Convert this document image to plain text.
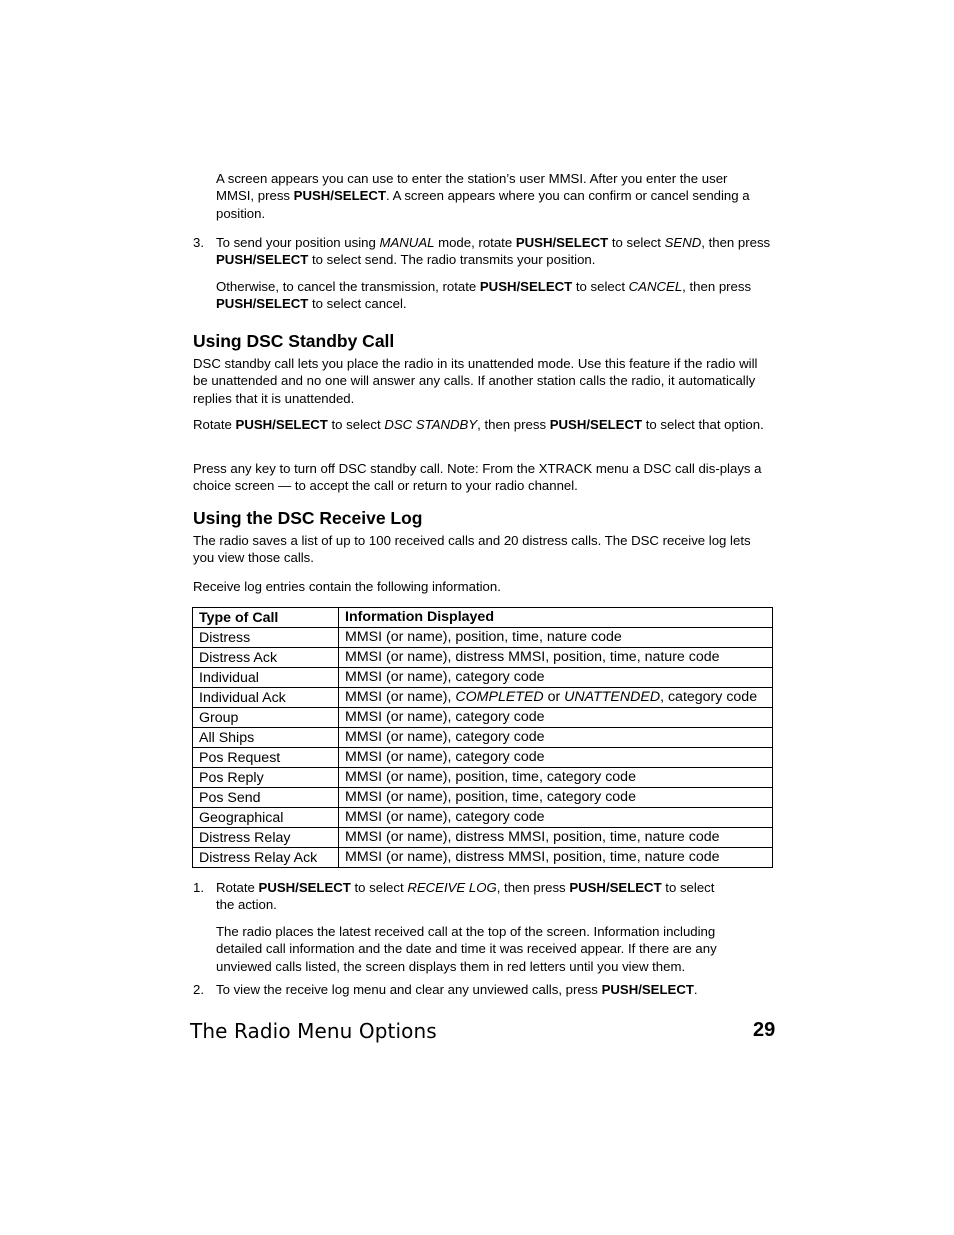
A screen appears you can use to enter the station’s user MMSI. After you enter the user MMSI, press PUSH/SELECT. A screen appears where you can confirm or cancel sending a position.

3. To send your position using MANUAL mode, rotate PUSH/SELECT to select SEND, then press PUSH/SELECT to select send. The radio transmits your position.

Otherwise, to cancel the transmission, rotate PUSH/SELECT to select CANCEL, then press PUSH/SELECT to select cancel.

Using DSC Standby Call

DSC standby call lets you place the radio in its unattended mode. Use this feature if the radio will be unattended and no one will answer any calls. If another station calls the radio, it automatically replies that it is unattended.

Rotate PUSH/SELECT to select DSC STANDBY, then press PUSH/SELECT to select that option.

Press any key to turn off DSC standby call. Note: From the XTRACK menu a DSC call dis-plays a choice screen — to accept the call or return to your radio channel.

Using the DSC Receive Log

The radio saves a list of up to 100 received calls and 20 distress calls. The DSC receive log lets you view those calls.

Receive log entries contain the following information.

Type of Call	Information Displayed
Distress	MMSI (or name), position, time, nature code
Distress Ack	MMSI (or name), distress MMSI, position, time, nature code
Individual	MMSI (or name), category code
Individual Ack	MMSI (or name), COMPLETED or UNATTENDED, category code
Group	MMSI (or name), category code
All Ships	MMSI (or name), category code
Pos Request	MMSI (or name), category code
Pos Reply	MMSI (or name), position, time, category code
Pos Send	MMSI (or name), position, time, category code
Geographical	MMSI (or name), category code
Distress Relay	MMSI (or name), distress MMSI, position, time, nature code
Distress Relay Ack	MMSI (or name), distress MMSI, position, time, nature code
1. Rotate PUSH/SELECT to select RECEIVE LOG, then press PUSH/SELECT to select the action.

The radio places the latest received call at the top of the screen. Information including detailed call information and the date and time it was received appear. If there are any unviewed calls listed, the screen displays them in red letters until you view them.

2. To view the receive log menu and clear any unviewed calls, press PUSH/SELECT.

The Radio Menu Options	29
